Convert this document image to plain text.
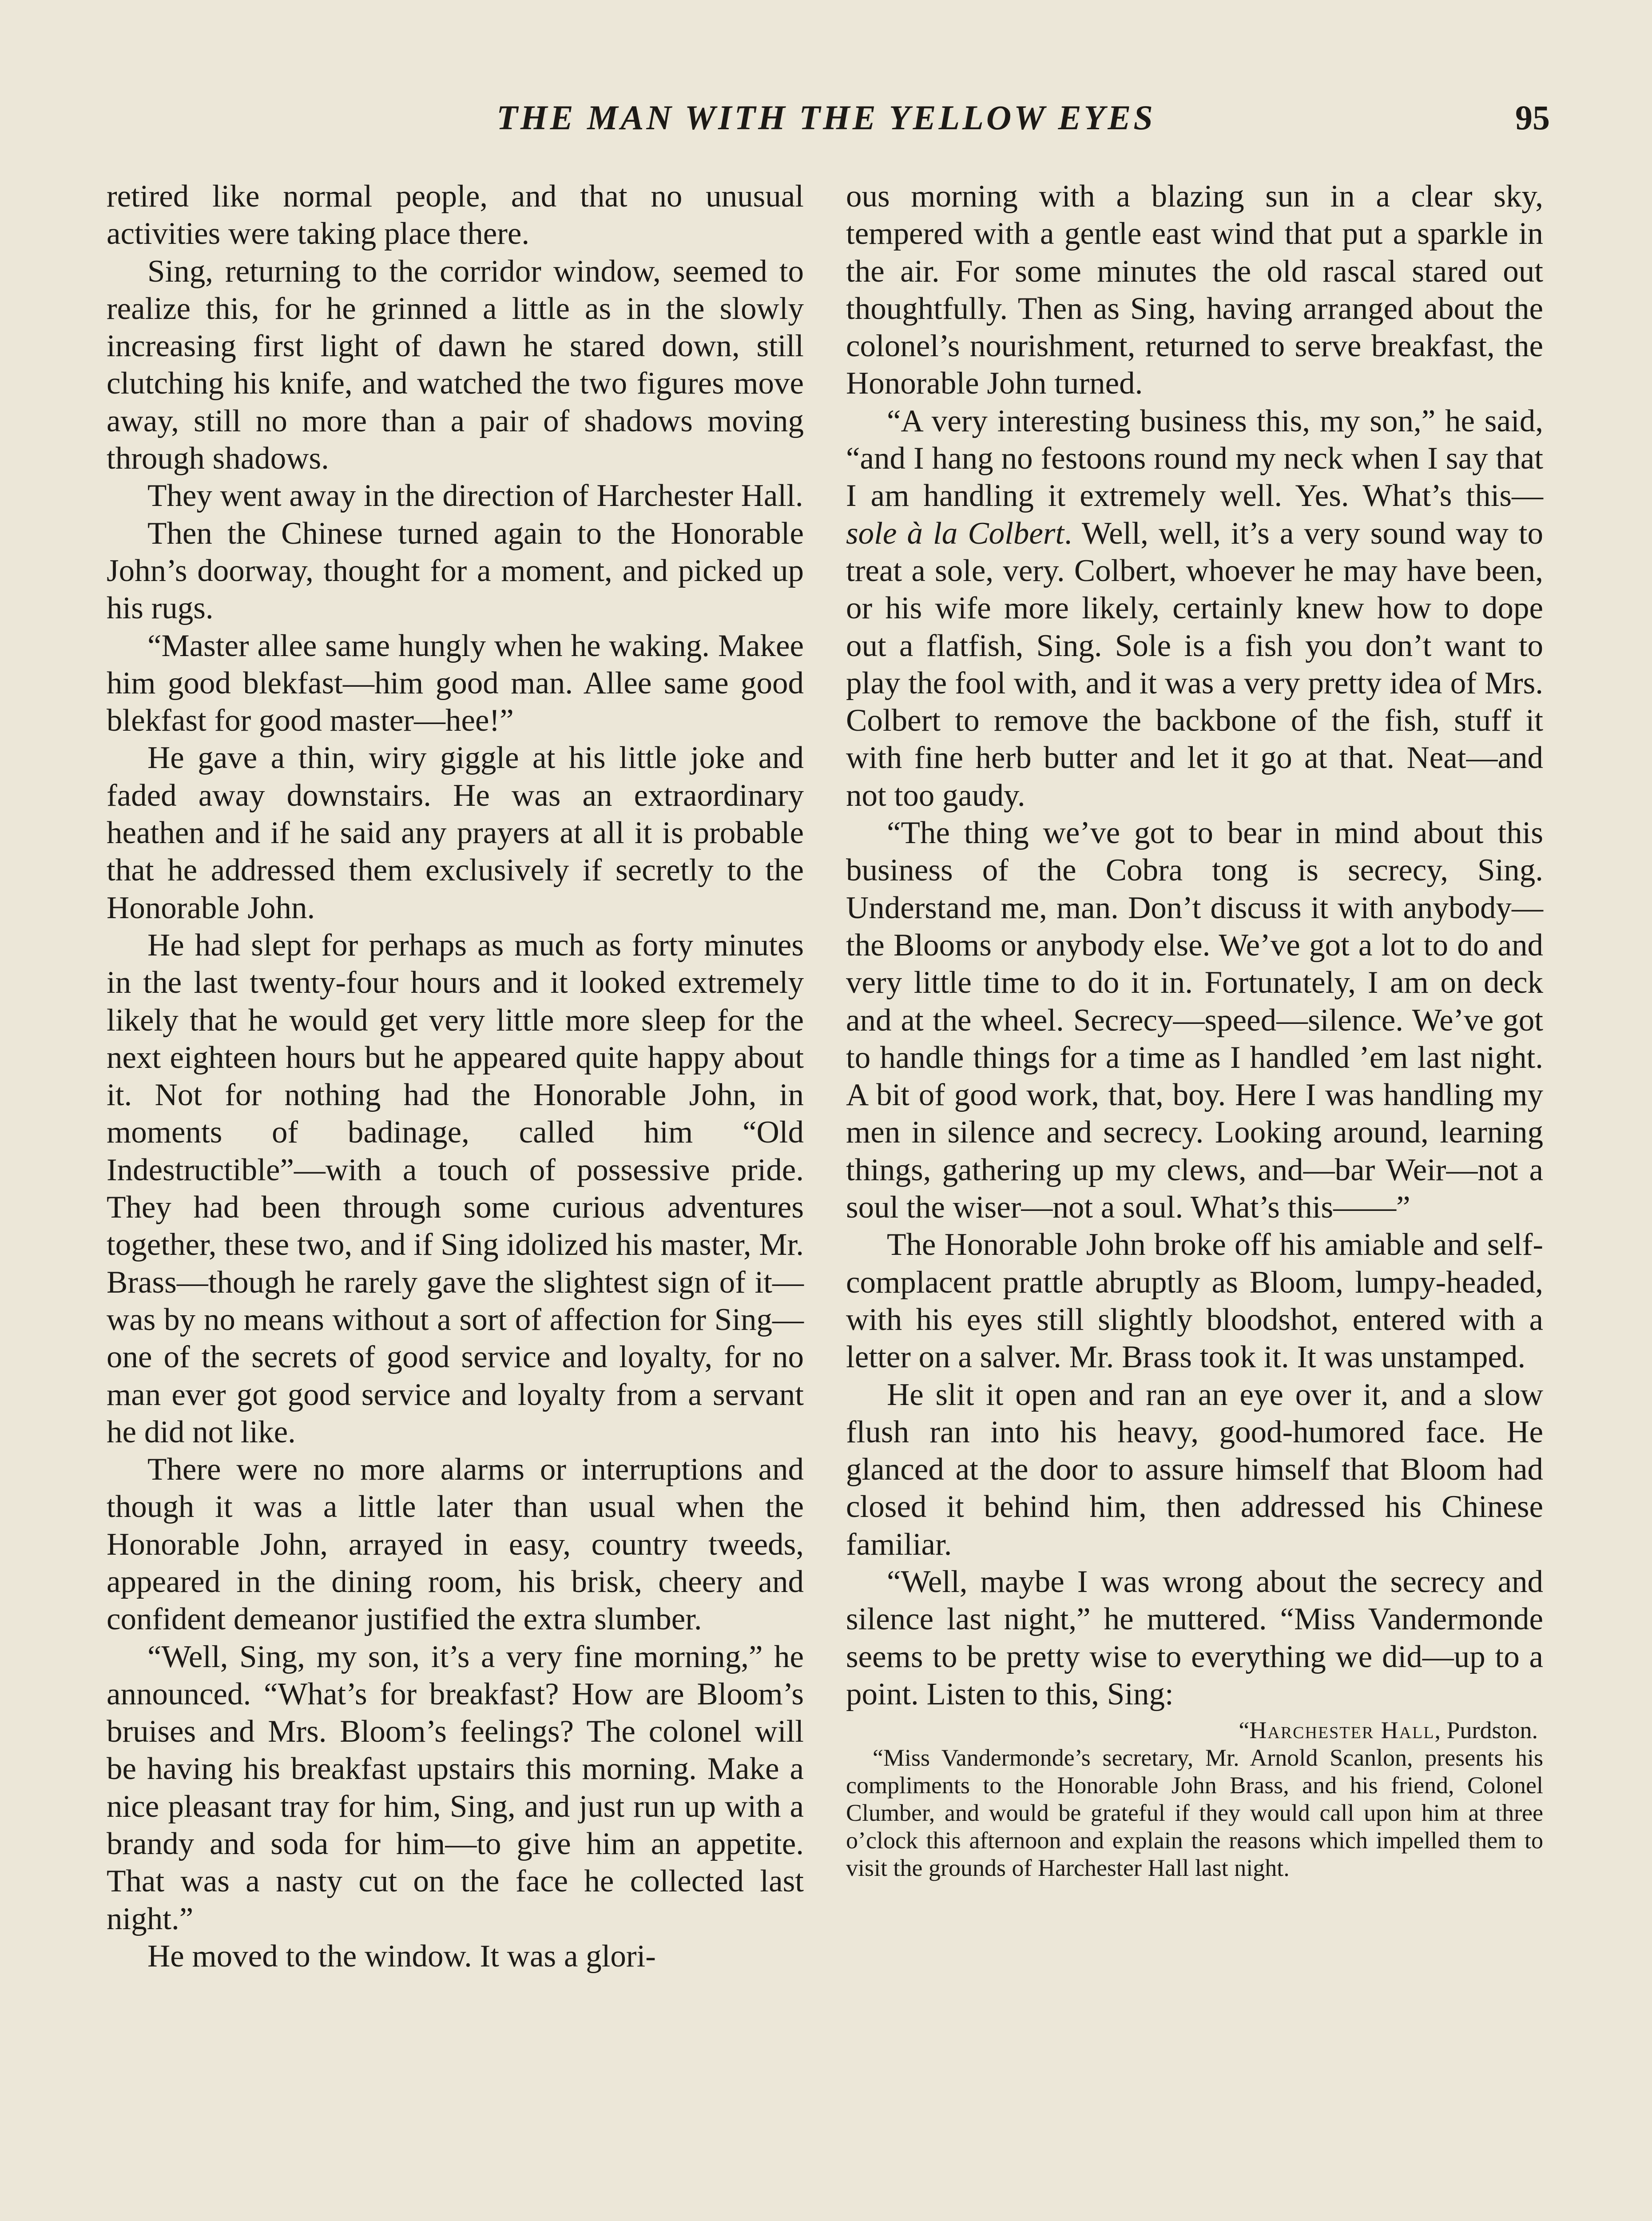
THE MAN WITH THE YELLOW EYES	95

retired like normal people, and that no unusual activities were taking place there.

Sing, returning to the corridor window, seemed to realize this, for he grinned a little as in the slowly increasing first light of dawn he stared down, still clutching his knife, and watched the two figures move away, still no more than a pair of shadows moving through shadows.

They went away in the direction of Harchester Hall.

Then the Chinese turned again to the Honorable John’s doorway, thought for a moment, and picked up his rugs.

“Master allee same hungly when he waking. Makee him good blekfast—him good man. Allee same good blekfast for good master—hee!”

He gave a thin, wiry giggle at his little joke and faded away downstairs. He was an extraordinary heathen and if he said any prayers at all it is probable that he addressed them exclusively if secretly to the Honorable John.

He had slept for perhaps as much as forty minutes in the last twenty-four hours and it looked extremely likely that he would get very little more sleep for the next eighteen hours but he appeared quite happy about it. Not for nothing had the Honorable John, in moments of badinage, called him “Old Indestructible”—with a touch of possessive pride. They had been through some curious adventures together, these two, and if Sing idolized his master, Mr. Brass—though he rarely gave the slightest sign of it—was by no means without a sort of affection for Sing—one of the secrets of good service and loyalty, for no man ever got good service and loyalty from a servant he did not like.

There were no more alarms or interruptions and though it was a little later than usual when the Honorable John, arrayed in easy, country tweeds, appeared in the dining room, his brisk, cheery and confident demeanor justified the extra slumber.

“Well, Sing, my son, it’s a very fine morning,” he announced. “What’s for breakfast? How are Bloom’s bruises and Mrs. Bloom’s feelings? The colonel will be having his breakfast upstairs this morning. Make a nice pleasant tray for him, Sing, and just run up with a brandy and soda for him—to give him an appetite. That was a nasty cut on the face he collected last night.”

He moved to the window. It was a glori-

ous morning with a blazing sun in a clear sky, tempered with a gentle east wind that put a sparkle in the air. For some minutes the old rascal stared out thoughtfully. Then as Sing, having arranged about the colonel’s nourishment, returned to serve breakfast, the Honorable John turned.

“A very interesting business this, my son,” he said, “and I hang no festoons round my neck when I say that I am handling it extremely well. Yes. What’s this—sole à la Colbert. Well, well, it’s a very sound way to treat a sole, very. Colbert, whoever he may have been, or his wife more likely, certainly knew how to dope out a flatfish, Sing. Sole is a fish you don’t want to play the fool with, and it was a very pretty idea of Mrs. Colbert to remove the backbone of the fish, stuff it with fine herb butter and let it go at that. Neat—and not too gaudy.

“The thing we’ve got to bear in mind about this business of the Cobra tong is secrecy, Sing. Understand me, man. Don’t discuss it with anybody—the Blooms or anybody else. We’ve got a lot to do and very little time to do it in. Fortunately, I am on deck and at the wheel. Secrecy—speed—silence. We’ve got to handle things for a time as I handled ’em last night. A bit of good work, that, boy. Here I was handling my men in silence and secrecy. Looking around, learning things, gathering up my clews, and—bar Weir—not a soul the wiser—not a soul. What’s this——”

The Honorable John broke off his amiable and self-complacent prattle abruptly as Bloom, lumpy-headed, with his eyes still slightly bloodshot, entered with a letter on a salver. Mr. Brass took it. It was unstamped.

He slit it open and ran an eye over it, and a slow flush ran into his heavy, good-humored face. He glanced at the door to assure himself that Bloom had closed it behind him, then addressed his Chinese familiar.

“Well, maybe I was wrong about the secrecy and silence last night,” he muttered. “Miss Vandermonde seems to be pretty wise to everything we did—up to a point. Listen to this, Sing:

“Harchester Hall, Purdston.

“Miss Vandermonde’s secretary, Mr. Arnold Scanlon, presents his compliments to the Honorable John Brass, and his friend, Colonel Clumber, and would be grateful if they would call upon him at three o’clock this afternoon and explain the reasons which impelled them to visit the grounds of Harchester Hall last night.
